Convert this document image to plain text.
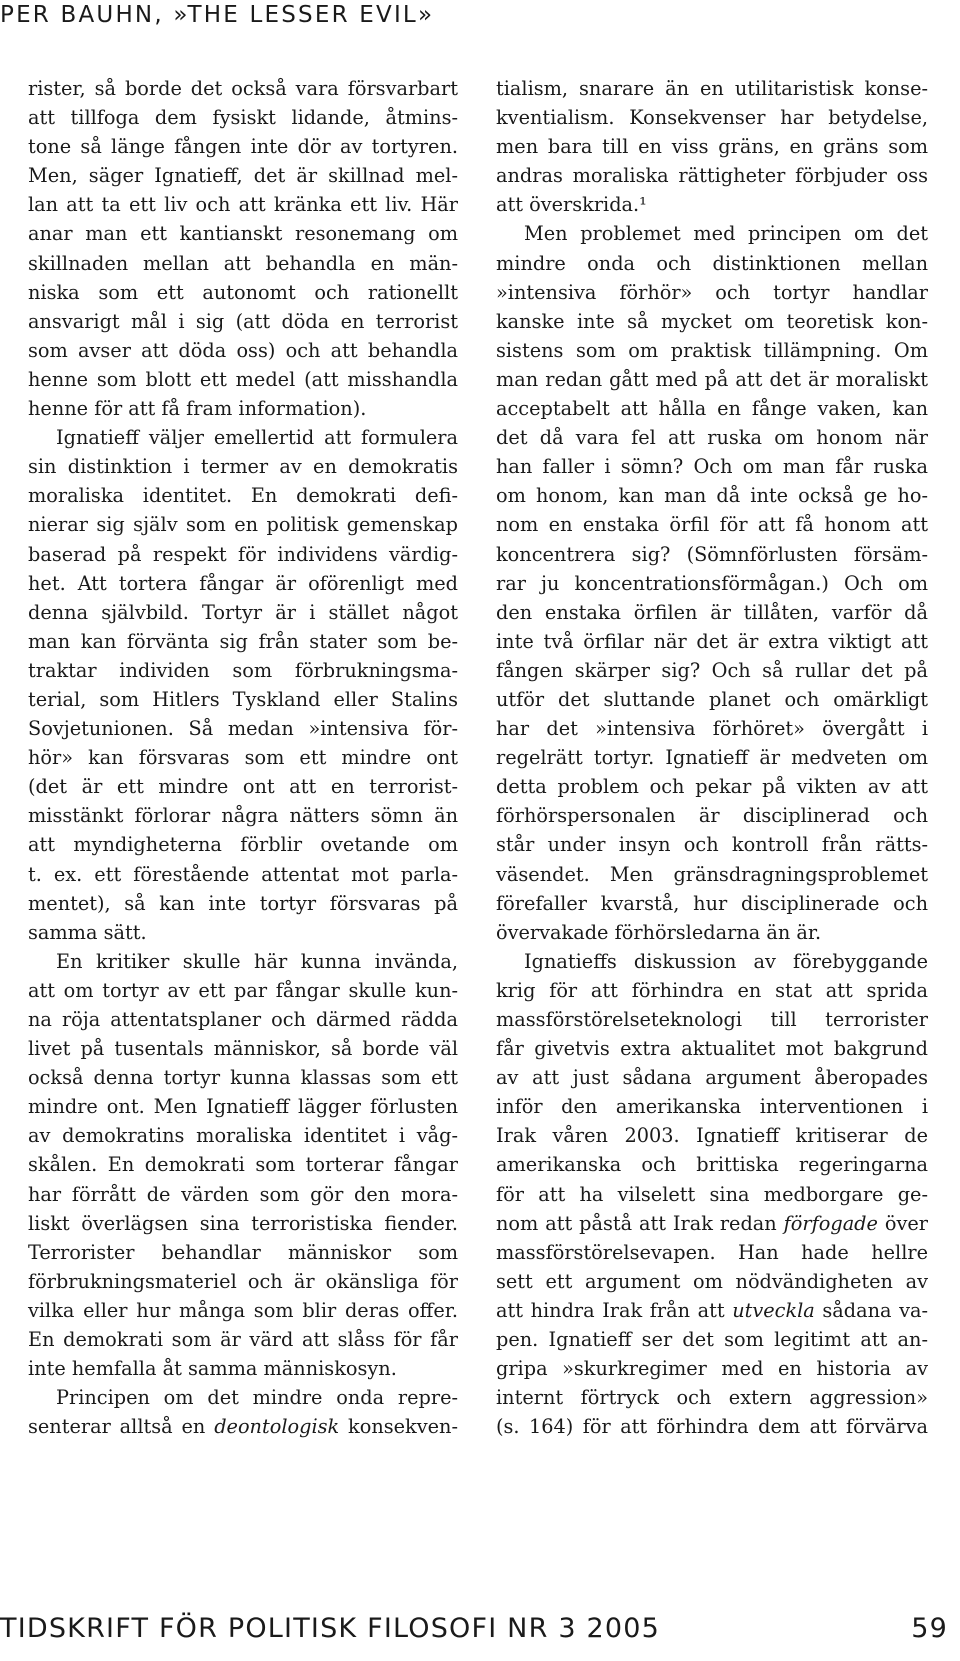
PER BAUHN, »THE LESSER EVIL»
rister, så borde det också vara försvarbart
att tillfoga dem fysiskt lidande, åtmins-
tone så länge fången inte dör av tortyren.
Men, säger Ignatieff, det är skillnad mel-
lan att ta ett liv och att kränka ett liv. Här
anar man ett kantianskt resonemang om
skillnaden mellan att behandla en män-
niska som ett autonomt och rationellt
ansvarigt mål i sig (att döda en terrorist
som avser att döda oss) och att behandla
henne som blott ett medel (att misshandla
henne för att få fram information).
Ignatieff väljer emellertid att formulera
sin distinktion i termer av en demokratis
moraliska identitet. En demokrati defi-
nierar sig själv som en politisk gemenskap
baserad på respekt för individens värdig-
het. Att tortera fångar är oförenligt med
denna självbild. Tortyr är i stället något
man kan förvänta sig från stater som be-
traktar individen som förbrukningsma-
terial, som Hitlers Tyskland eller Stalins
Sovjetunionen. Så medan »intensiva för-
hör» kan försvaras som ett mindre ont
(det är ett mindre ont att en terrorist-
misstänkt förlorar några nätters sömn än
att myndigheterna förblir ovetande om
t. ex. ett förestående attentat mot parla-
mentet), så kan inte tortyr försvaras på
samma sätt.
En kritiker skulle här kunna invända,
att om tortyr av ett par fångar skulle kun-
na röja attentatsplaner och därmed rädda
livet på tusentals människor, så borde väl
också denna tortyr kunna klassas som ett
mindre ont. Men Ignatieff lägger förlusten
av demokratins moraliska identitet i våg-
skålen. En demokrati som torterar fångar
har förrått de värden som gör den mora-
liskt överlägsen sina terroristiska fiender.
Terrorister behandlar människor som
förbrukningsmateriel och är okänsliga för
vilka eller hur många som blir deras offer.
En demokrati som är värd att slåss för får
inte hemfalla åt samma människosyn.
Principen om det mindre onda repre-
senterar alltså en deontologisk konsekven-
tialism, snarare än en utilitaristisk konse-
kventialism. Konsekvenser har betydelse,
men bara till en viss gräns, en gräns som
andras moraliska rättigheter förbjuder oss
att överskrida.¹
Men problemet med principen om det
mindre onda och distinktionen mellan
»intensiva förhör» och tortyr handlar
kanske inte så mycket om teoretisk kon-
sistens som om praktisk tillämpning. Om
man redan gått med på att det är moraliskt
acceptabelt att hålla en fånge vaken, kan
det då vara fel att ruska om honom när
han faller i sömn? Och om man får ruska
om honom, kan man då inte också ge ho-
nom en enstaka örfil för att få honom att
koncentrera sig? (Sömnförlusten försäm-
rar ju koncentrationsförmågan.) Och om
den enstaka örfilen är tillåten, varför då
inte två örfilar när det är extra viktigt att
fången skärper sig? Och så rullar det på
utför det sluttande planet och omärkligt
har det »intensiva förhöret» övergått i
regelrätt tortyr. Ignatieff är medveten om
detta problem och pekar på vikten av att
förhörspersonalen är disciplinerad och
står under insyn och kontroll från rätts-
väsendet. Men gränsdragningsproblemet
förefaller kvarstå, hur disciplinerade och
övervakade förhörsledarna än är.
Ignatieffs diskussion av förebyggande
krig för att förhindra en stat att sprida
massförstörelseteknologi till terrorister
får givetvis extra aktualitet mot bakgrund
av att just sådana argument åberopades
inför den amerikanska interventionen i
Irak våren 2003. Ignatieff kritiserar de
amerikanska och brittiska regeringarna
för att ha vilselett sina medborgare ge-
nom att påstå att Irak redan förfogade över
massförstörelsevapen. Han hade hellre
sett ett argument om nödvändigheten av
att hindra Irak från att utveckla sådana va-
pen. Ignatieff ser det som legitimt att an-
gripa »skurkregimer med en historia av
internt förtryck och extern aggression»
(s. 164) för att förhindra dem att förvärva
TIDSKRIFT FÖR POLITISK FILOSOFI NR 3 2005	59
